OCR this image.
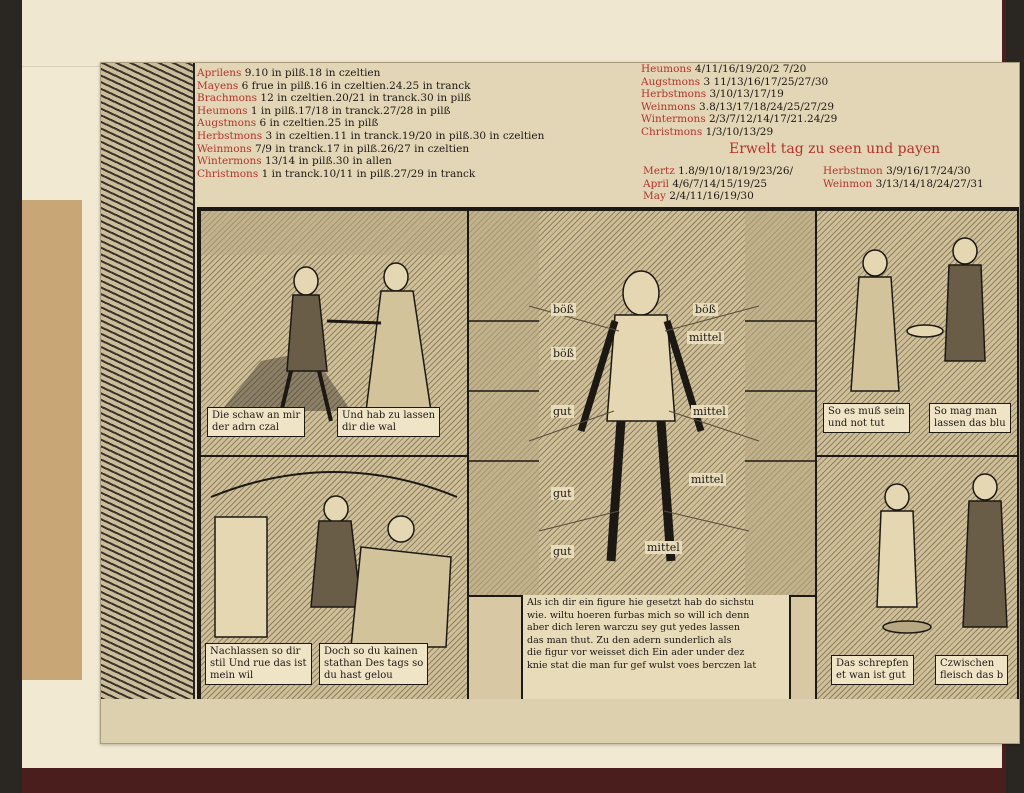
Aprilens 9.10 in pilß.18 in czeltien
Mayens 6 frue in pilß.16 in czeltien.24.25 in tranck
Brachmons 12 in czeltien.20/21 in tranck.30 in pilß
Heumons 1 in pilß.17/18 in tranck.27/28 in pilß
Augstmons 6 in czeltien.25 in pilß
Herbstmons 3 in czeltien.11 in tranck.19/20 in pilß.30 in czeltien
Weinmons 7/9 in tranck.17 in pilß.26/27 in czeltien
Wintermons 13/14 in pilß.30 in allen
Christmons 1 in tranck.10/11 in pilß.27/29 in tranck
Heumons 4/11/16/19/20/2 7/20
Augstmons 3 11/13/16/17/25/27/30
Herbstmons 3/10/13/17/19
Weinmons 3.8/13/17/18/24/25/27/29
Wintermons 2/3/7/12/14/17/21.24/29
Christmons 1/3/10/13/29
Erwelt tag zu seen und payen
Mertz 1.8/9/10/18/19/23/26/
April 4/6/7/14/15/19/25
May 2/4/11/16/19/30
Herbstmon 3/9/16/17/24/30
Weinmon 3/13/14/18/24/27/31
Die schaw an mir
der adrn czal
Und hab zu lassen
dir die wal
Nachlassen so dir
stil Und rue das ist
mein wil
Doch so du kainen
stathan Des tags so
du hast gelou
böß	böß
böß
mittel
gut	mittel
gut
mittel
gut	mittel
Als ich dir ein figure hie gesetzt hab do sichstu
wie. wiltu hoeren furbas mich so will ich denn
aber dich leren warczu sey gut yedes lassen
das man thut. Zu den adern sunderlich als
die figur vor weisset dich Ein ader under dez
knie stat die man fur gef wulst voes berczen lat
So es muß sein
und not tut
So mag man
lassen das blu
Das schrepfen
et wan ist gut
Czwischen
fleisch das b
